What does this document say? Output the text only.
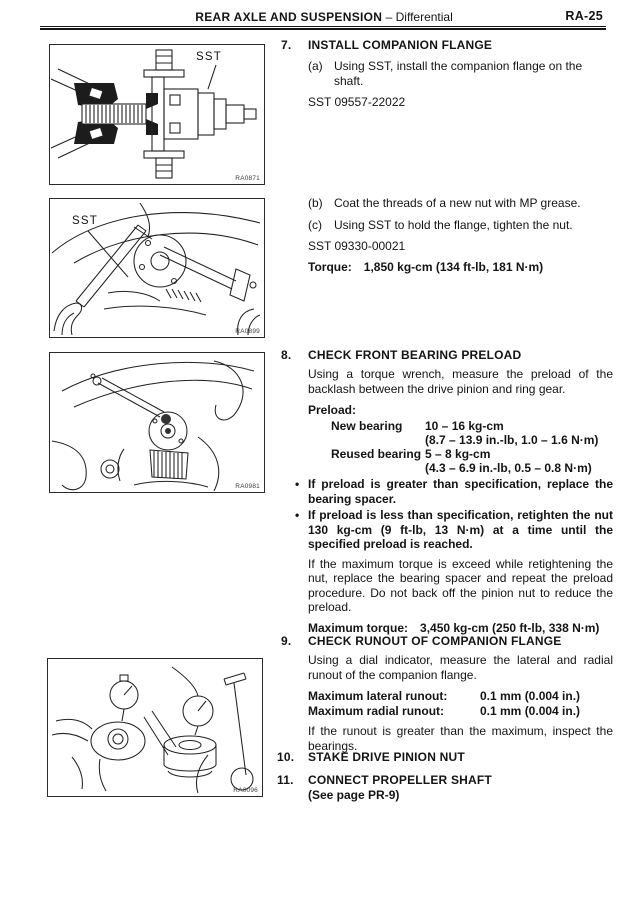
REAR AXLE AND SUSPENSION – Differential	RA-25
SST
RA0871
SST
RA0899
RA0981
RA0096
7.	INSTALL COMPANION FLANGE
(a) Using SST, install the companion flange on the shaft.
SST 09557-22022
(b) Coat the threads of a new nut with MP grease.
(c)	Using SST to hold the flange, tighten the nut.
SST 09330-00021
Torque: 1,850 kg-cm (134 ft-lb, 181 N·m)
8.	CHECK FRONT BEARING PRELOAD
Using a torque wrench, measure the preload of the backlash between the drive pinion and ring gear.
Preload:
New bearing	10 – 16 kg-cm
(8.7 – 13.9 in.-lb, 1.0 – 1.6 N·m)
Reused bearing 5 – 8 kg-cm
(4.3 – 6.9 in.-lb, 0.5 – 0.8 N·m)
• If preload is greater than specification, replace the bearing spacer.
• If preload is less than specification, retighten the nut 130 kg-cm (9 ft-lb, 13 N·m) at a time until the specified preload is reached.
If the maximum torque is exceed while retightening the nut, replace the bearing spacer and repeat the preload procedure. Do not back off the pinion nut to reduce the preload.
Maximum torque: 3,450 kg-cm (250 ft-lb, 338 N·m)
9.	CHECK RUNOUT OF COMPANION FLANGE
Using a dial indicator, measure the lateral and radial runout of the companion flange.
Maximum lateral runout:	0.1 mm (0.004 in.)
Maximum radial runout:	0.1 mm (0.004 in.)
If the runout is greater than the maximum, inspect the bearings.
10.	STAKE DRIVE PINION NUT
11.	CONNECT PROPELLER SHAFT
(See page PR-9)
